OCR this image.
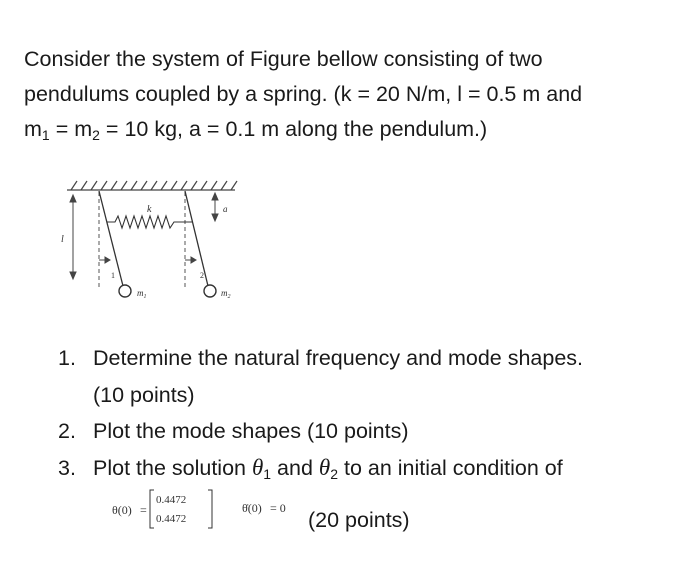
Consider the system of Figure bellow consisting of two

pendulums coupled by a spring. (k = 20 N/m, l = 0.5 m and

$m_1 = m_2 = 10$ kg, a = 0.1 m along the pendulum.)

l
k	a
1	2
$m_1$	$m_2$
1. Determine the natural frequency and mode shapes.
(10 points)
2. Plot the mode shapes (10 points)
3. Plot the solution $\theta_1$ and $\theta_2$ to an initial condition of
θ(0) =
0.4472
0.4472
θ̇(0) = 0 (20 points)
